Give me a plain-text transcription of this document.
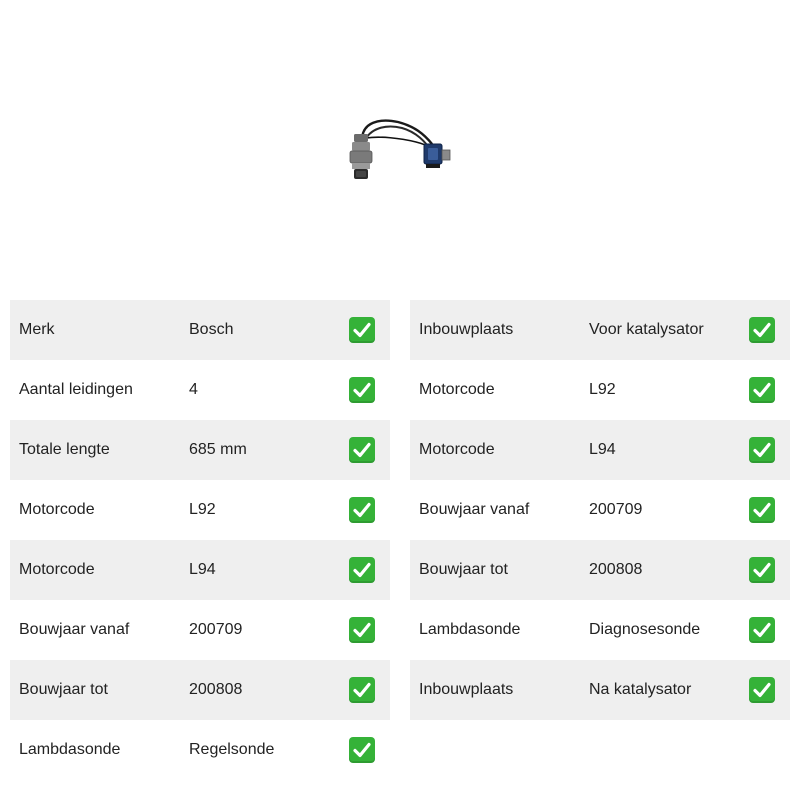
Merk	Bosch
Aantal leidingen	4
Totale lengte	685 mm
Motorcode	L92
Motorcode	L94
Bouwjaar vanaf	200709
Bouwjaar tot	200808
Lambdasonde	Regelsonde
Inbouwplaats	Voor katalysator
Motorcode	L92
Motorcode	L94
Bouwjaar vanaf	200709
Bouwjaar tot	200808
Lambdasonde	Diagnosesonde
Inbouwplaats	Na katalysator
